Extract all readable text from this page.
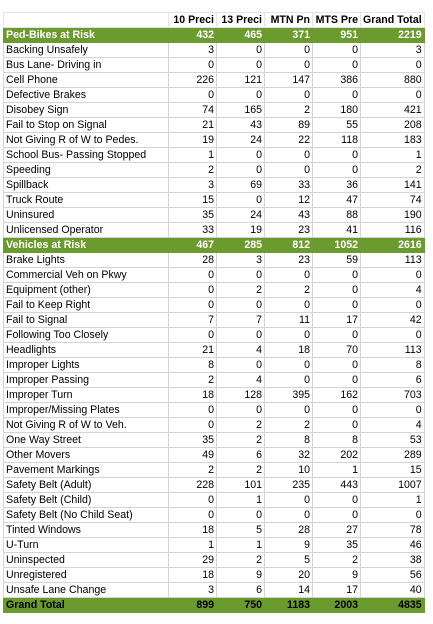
	10 Preci	13 Preci	MTN Pn	MTS Pre	Grand Total
Ped-Bikes at Risk	432	465	371	951	2219
Backing Unsafely	3	0	0	0	3
Bus Lane- Driving in	0	0	0	0	0
Cell Phone	226	121	147	386	880
Defective Brakes	0	0	0	0	0
Disobey Sign	74	165	2	180	421
Fail to Stop on Signal	21	43	89	55	208
Not Giving R of W to Pedes.	19	24	22	118	183
School Bus- Passing Stopped	1	0	0	0	1
Speeding	2	0	0	0	2
Spillback	3	69	33	36	141
Truck Route	15	0	12	47	74
Uninsured	35	24	43	88	190
Unlicensed Operator	33	19	23	41	116
Vehicles at Risk	467	285	812	1052	2616
Brake Lights	28	3	23	59	113
Commercial Veh on Pkwy	0	0	0	0	0
Equipment (other)	0	2	2	0	4
Fail to Keep Right	0	0	0	0	0
Fail to Signal	7	7	11	17	42
Following Too Closely	0	0	0	0	0
Headlights	21	4	18	70	113
Improper Lights	8	0	0	0	8
Improper Passing	2	4	0	0	6
Improper Turn	18	128	395	162	703
Improper/Missing Plates	0	0	0	0	0
Not Giving R of W to Veh.	0	2	2	0	4
One Way Street	35	2	8	8	53
Other Movers	49	6	32	202	289
Pavement Markings	2	2	10	1	15
Safety Belt (Adult)	228	101	235	443	1007
Safety Belt (Child)	0	1	0	0	1
Safety Belt (No Child Seat)	0	0	0	0	0
Tinted Windows	18	5	28	27	78
U-Turn	1	1	9	35	46
Uninspected	29	2	5	2	38
Unregistered	18	9	20	9	56
Unsafe Lane Change	3	6	14	17	40
Grand Total	899	750	1183	2003	4835
